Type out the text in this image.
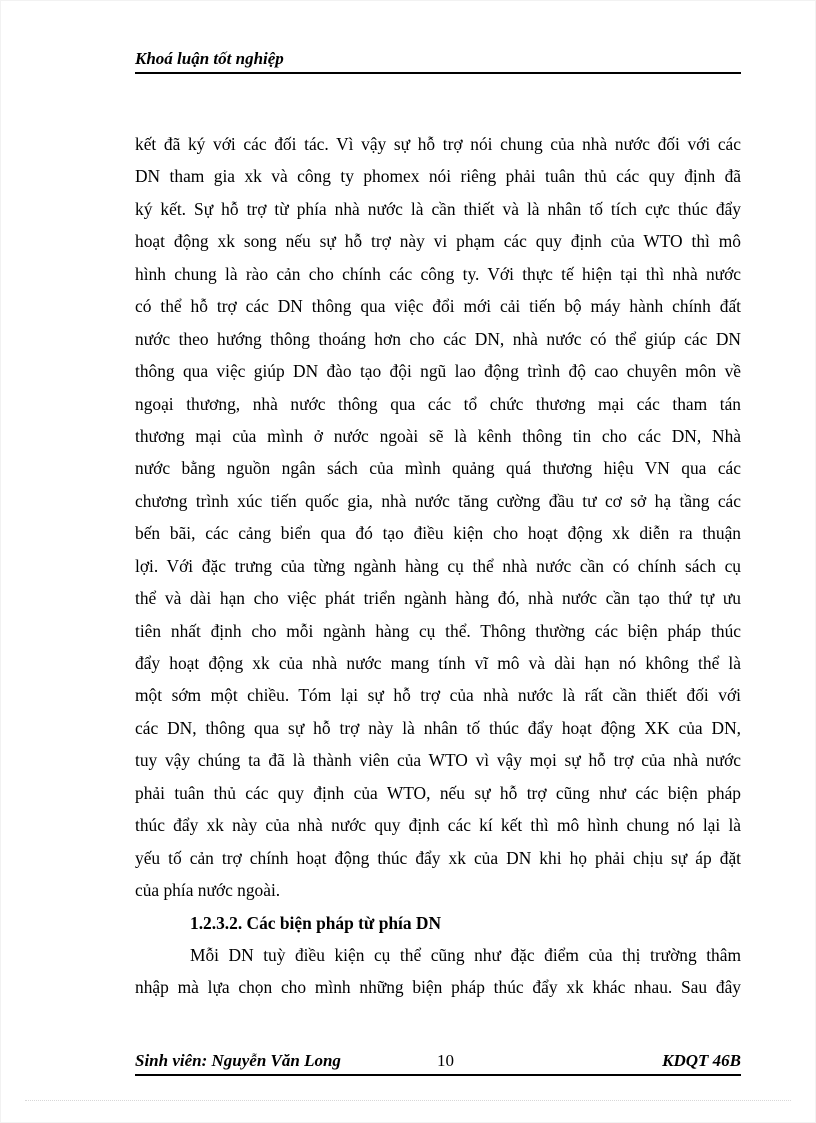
Khoá luận tốt nghiệp
kết đã ký với các đối tác. Vì vậy sự hỗ trợ nói chung của nhà nước đối với các
DN tham gia xk và công ty phomex nói riêng phải tuân thủ các quy định đã
ký kết. Sự hỗ trợ từ phía nhà nước là cần thiết và là nhân tố tích cực thúc đẩy
hoạt động xk song nếu sự hỗ trợ này vi phạm các quy định của WTO thì mô
hình chung là rào cản cho chính các công ty. Với thực tế hiện tại thì nhà nước
có thể hỗ trợ các DN thông qua việc đổi mới cải tiến bộ máy hành chính đất
nước theo hướng thông thoáng hơn cho các DN, nhà nước có thể giúp các DN
thông qua việc giúp DN đào tạo đội ngũ lao động trình độ cao chuyên môn về
ngoại thương, nhà nước thông qua các tổ chức thương mại các tham tán
thương mại của mình ở nước ngoài sẽ là kênh thông tin cho các DN, Nhà
nước bằng nguồn ngân sách của mình quảng quá thương hiệu VN qua các
chương trình xúc tiến quốc gia, nhà nước tăng cường đầu tư cơ sở hạ tầng các
bến bãi, các cảng biển qua đó tạo điều kiện cho hoạt động xk diễn ra thuận
lợi. Với đặc trưng của từng ngành hàng cụ thể nhà nước cần có chính sách cụ
thể và dài hạn cho việc phát triển ngành hàng đó, nhà nước cần tạo thứ tự ưu
tiên nhất định cho mỗi ngành hàng cụ thể. Thông thường các biện pháp thúc
đẩy hoạt động xk của nhà nước mang tính vĩ mô và dài hạn nó không thể là
một sớm một chiều. Tóm lại sự hỗ trợ của nhà nước là rất cần thiết đối với
các DN, thông qua sự hỗ trợ này là nhân tố thúc đẩy hoạt động XK của DN,
tuy vậy chúng ta đã là thành viên của WTO vì vậy mọi sự hỗ trợ của nhà nước
phải tuân thủ các quy định của WTO, nếu sự hỗ trợ cũng như các biện pháp
thúc đẩy xk này của nhà nước quy định các kí kết thì mô hình chung nó lại là
yếu tố cản trợ chính hoạt động thúc đẩy xk của DN khi họ phải chịu sự áp đặt
của phía nước ngoài.
1.2.3.2. Các biện pháp từ phía DN
Mỗi DN tuỳ điều kiện cụ thể cũng như đặc điểm của thị trường thâm
nhập mà lựa chọn cho mình những biện pháp thúc đẩy xk khác nhau. Sau đây
Sinh viên: Nguyễn Văn Long	10	KDQT 46B
